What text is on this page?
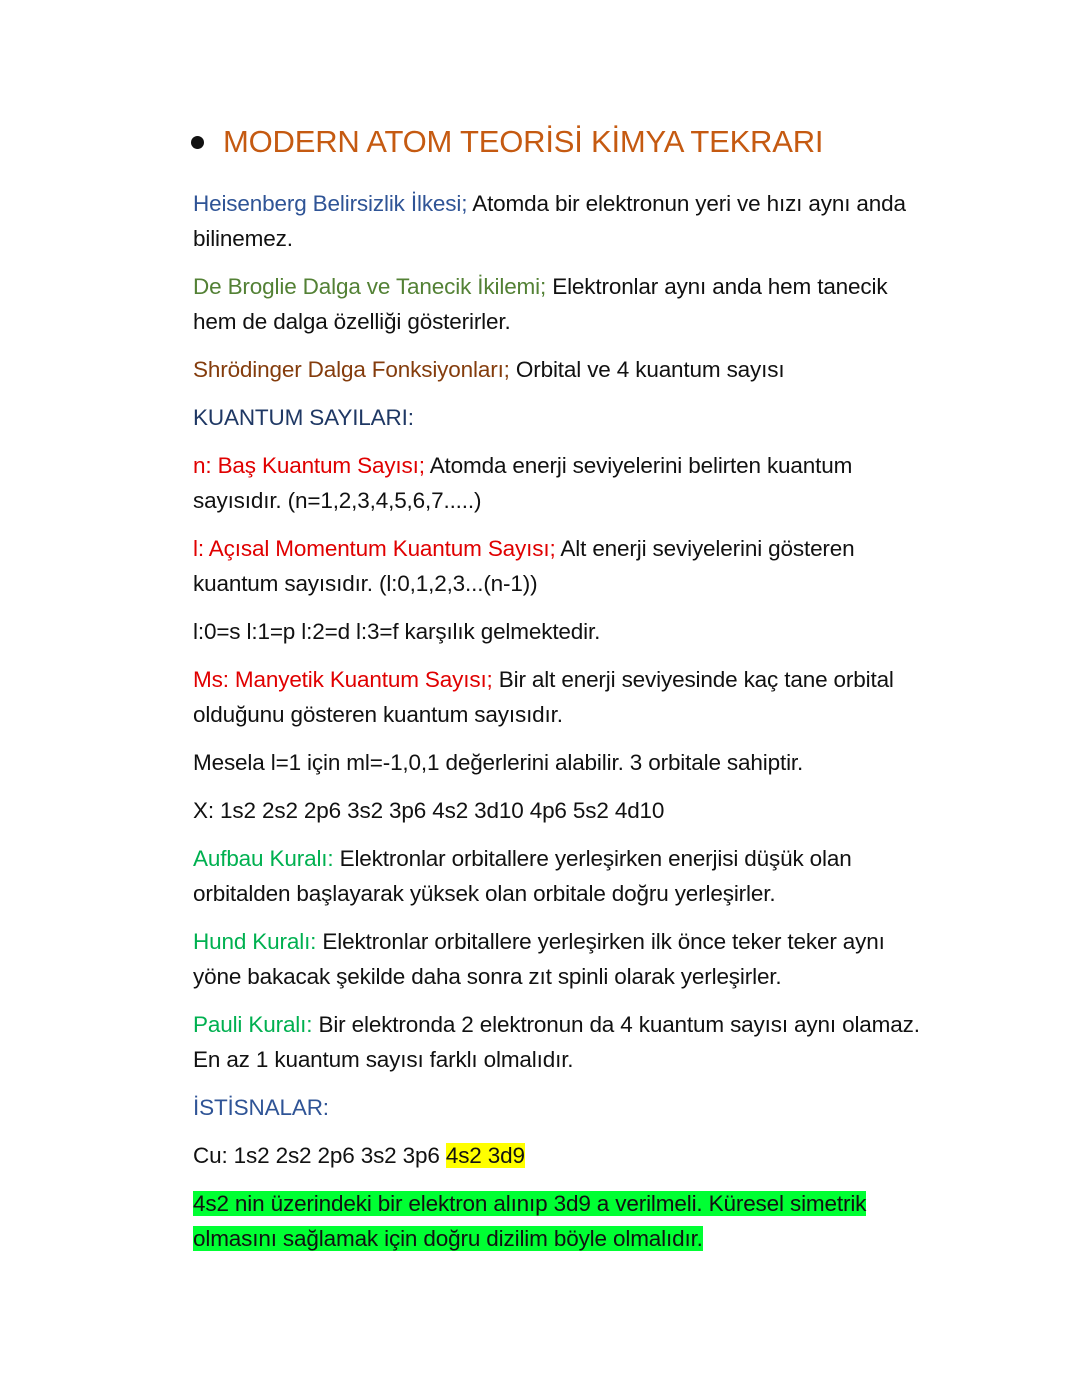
MODERN ATOM TEORİSİ KİMYA TEKRARI

Heisenberg Belirsizlik İlkesi; Atomda bir elektronun yeri ve hızı aynı anda bilinemez.

De Broglie Dalga ve Tanecik İkilemi; Elektronlar aynı anda hem tanecik hem de dalga özelliği gösterirler.

Shrödinger Dalga Fonksiyonları; Orbital ve 4 kuantum sayısı

KUANTUM SAYILARI:

n: Baş Kuantum Sayısı; Atomda enerji seviyelerini belirten kuantum sayısıdır. (n=1,2,3,4,5,6,7.....)

l: Açısal Momentum Kuantum Sayısı; Alt enerji seviyelerini gösteren kuantum sayısıdır. (l:0,1,2,3...(n-1))

l:0=s l:1=p l:2=d l:3=f karşılık gelmektedir.

Ms: Manyetik Kuantum Sayısı; Bir alt enerji seviyesinde kaç tane orbital olduğunu gösteren kuantum sayısıdır.

Mesela l=1 için ml=-1,0,1 değerlerini alabilir. 3 orbitale sahiptir.

X: 1s2 2s2 2p6 3s2 3p6 4s2 3d10 4p6 5s2 4d10

Aufbau Kuralı: Elektronlar orbitallere yerleşirken enerjisi düşük olan orbitalden başlayarak yüksek olan orbitale doğru yerleşirler.

Hund Kuralı: Elektronlar orbitallere yerleşirken ilk önce teker teker aynı yöne bakacak şekilde daha sonra zıt spinli olarak yerleşirler.

Pauli Kuralı: Bir elektronda 2 elektronun da 4 kuantum sayısı aynı olamaz. En az 1 kuantum sayısı farklı olmalıdır.

İSTİSNALAR:

Cu: 1s2 2s2 2p6 3s2 3p6 4s2 3d9

4s2 nin üzerindeki bir elektron alınıp 3d9 a verilmeli. Küresel simetrik olmasını sağlamak için doğru dizilim böyle olmalıdır.
